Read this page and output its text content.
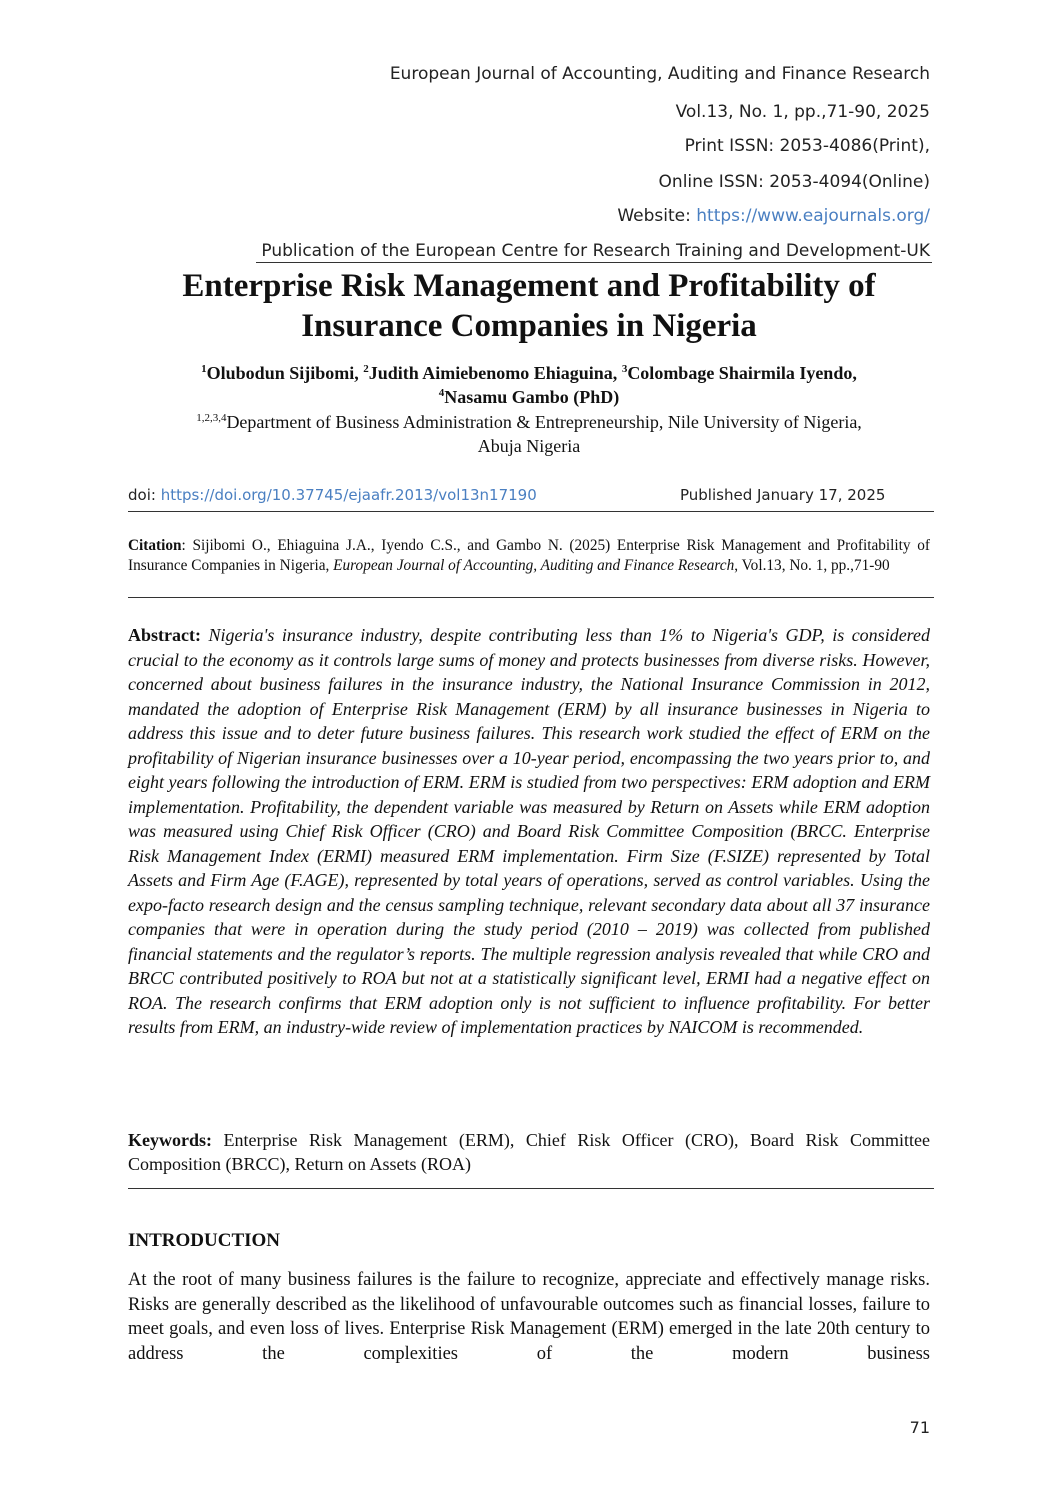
European Journal of Accounting, Auditing and Finance Research
Vol.13, No. 1, pp.,71-90, 2025
Print ISSN: 2053-4086(Print),
Online ISSN: 2053-4094(Online)
Website: https://www.eajournals.org/
Publication of the European Centre for Research Training and Development-UK
Enterprise Risk Management and Profitability of
Insurance Companies in Nigeria
$^1$Olubodun Sijibomi, $^2$Judith Aimiebenomo Ehiaguina, $^3$Colombage Shairmila Iyendo,
$^4$Nasamu Gambo (PhD)
$^{1,2,3,4}$Department of Business Administration & Entrepreneurship, Nile University of Nigeria,
Abuja Nigeria
doi: https://doi.org/10.37745/ejaafr.2013/vol13n17190	Published January 17, 2025
Citation: Sijibomi O., Ehiaguina J.A., Iyendo C.S., and Gambo N. (2025) Enterprise Risk Management and Profitability of Insurance Companies in Nigeria, European Journal of Accounting, Auditing and Finance Research, Vol.13, No. 1, pp.,71-90
Abstract: Nigeria's insurance industry, despite contributing less than 1% to Nigeria's GDP, is considered crucial to the economy as it controls large sums of money and protects businesses from diverse risks. However, concerned about business failures in the insurance industry, the National Insurance Commission in 2012, mandated the adoption of Enterprise Risk Management (ERM) by all insurance businesses in Nigeria to address this issue and to deter future business failures. This research work studied the effect of ERM on the profitability of Nigerian insurance businesses over a 10-year period, encompassing the two years prior to, and eight years following the introduction of ERM. ERM is studied from two perspectives: ERM adoption and ERM implementation. Profitability, the dependent variable was measured by Return on Assets while ERM adoption was measured using Chief Risk Officer (CRO) and Board Risk Committee Composition (BRCC. Enterprise Risk Management Index (ERMI) measured ERM implementation. Firm Size (F.SIZE) represented by Total Assets and Firm Age (F.AGE), represented by total years of operations, served as control variables. Using the expo-facto research design and the census sampling technique, relevant secondary data about all 37 insurance companies that were in operation during the study period (2010 – 2019) was collected from published financial statements and the regulator’s reports. The multiple regression analysis revealed that while CRO and BRCC contributed positively to ROA but not at a statistically significant level, ERMI had a negative effect on ROA. The research confirms that ERM adoption only is not sufficient to influence profitability. For better results from ERM, an industry-wide review of implementation practices by NAICOM is recommended.
Keywords: Enterprise Risk Management (ERM), Chief Risk Officer (CRO), Board Risk Committee Composition (BRCC), Return on Assets (ROA)
INTRODUCTION
At the root of many business failures is the failure to recognize, appreciate and effectively manage risks. Risks are generally described as the likelihood of unfavourable outcomes such as financial losses, failure to meet goals, and even loss of lives. Enterprise Risk Management (ERM) emerged in the late 20th century to address the complexities of the modern business
71
